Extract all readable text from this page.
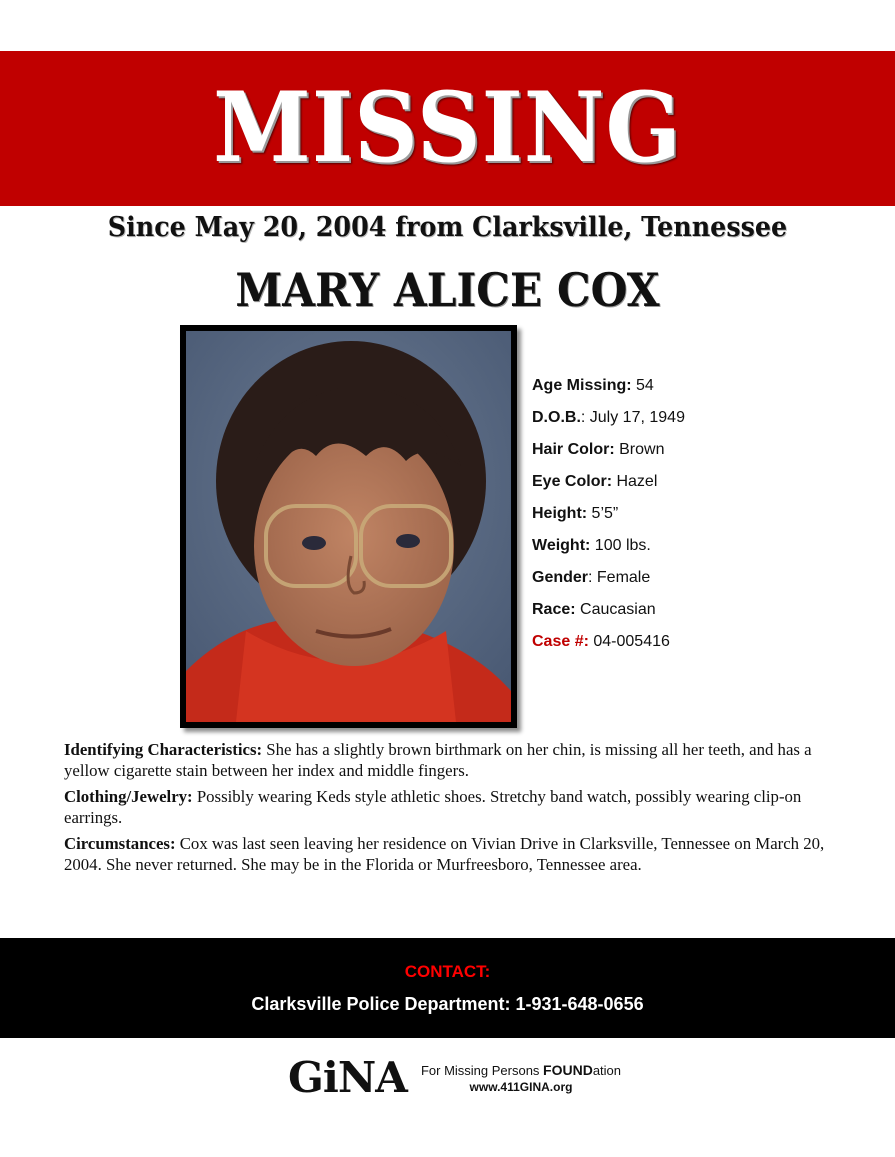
MISSING
Since May 20, 2004 from Clarksville, Tennessee
MARY ALICE COX
Age Missing: 54
D.O.B.: July 17, 1949
Hair Color: Brown
Eye Color: Hazel
Height: 5’5”
Weight: 100 lbs.
Gender: Female
Race: Caucasian
Case #: 04-005416

Identifying Characteristics: She has a slightly brown birthmark on her chin, is missing all her teeth, and has a yellow cigarette stain between her index and middle fingers.

Clothing/Jewelry: Possibly wearing Keds style athletic shoes. Stretchy band watch, possibly wearing clip-on earrings.

Circumstances: Cox was last seen leaving her residence on Vivian Drive in Clarksville, Tennessee on March 20, 2004. She never returned. She may be in the Florida or Murfreesboro, Tennessee area.

CONTACT:
Clarksville Police Department: 1-931-648-0656
GiNA	For Missing Persons FOUNDation
www.411GINA.org
